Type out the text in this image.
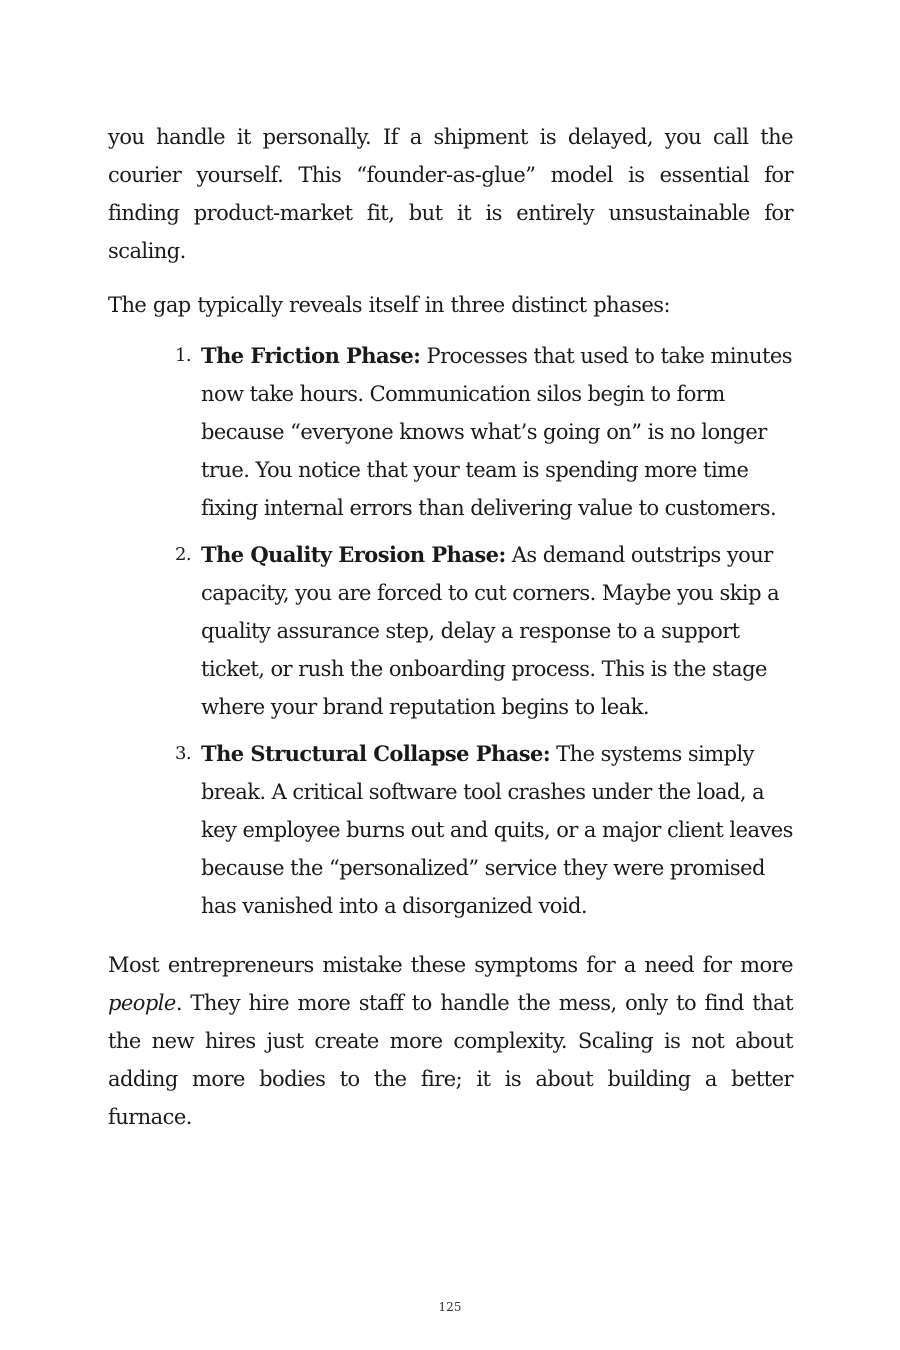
you handle it personally. If a shipment is delayed, you call the courier yourself. This “founder-as-glue” model is essential for finding product-market fit, but it is entirely unsustainable for scaling.

The gap typically reveals itself in three distinct phases:

1. The Friction Phase: Processes that used to take minutes now take hours. Communication silos begin to form because “everyone knows what’s going on” is no longer true. You notice that your team is spending more time fixing internal errors than delivering value to customers.
2. The Quality Erosion Phase: As demand outstrips your capacity, you are forced to cut corners. Maybe you skip a quality assurance step, delay a response to a support ticket, or rush the onboarding process. This is the stage where your brand reputation begins to leak.
3. The Structural Collapse Phase: The systems simply break. A critical software tool crashes under the load, a key employee burns out and quits, or a major client leaves because the “personalized” service they were promised has vanished into a disorganized void.

Most entrepreneurs mistake these symptoms for a need for more people. They hire more staff to handle the mess, only to find that the new hires just create more complexity. Scaling is not about adding more bodies to the fire; it is about building a better furnace.

125
